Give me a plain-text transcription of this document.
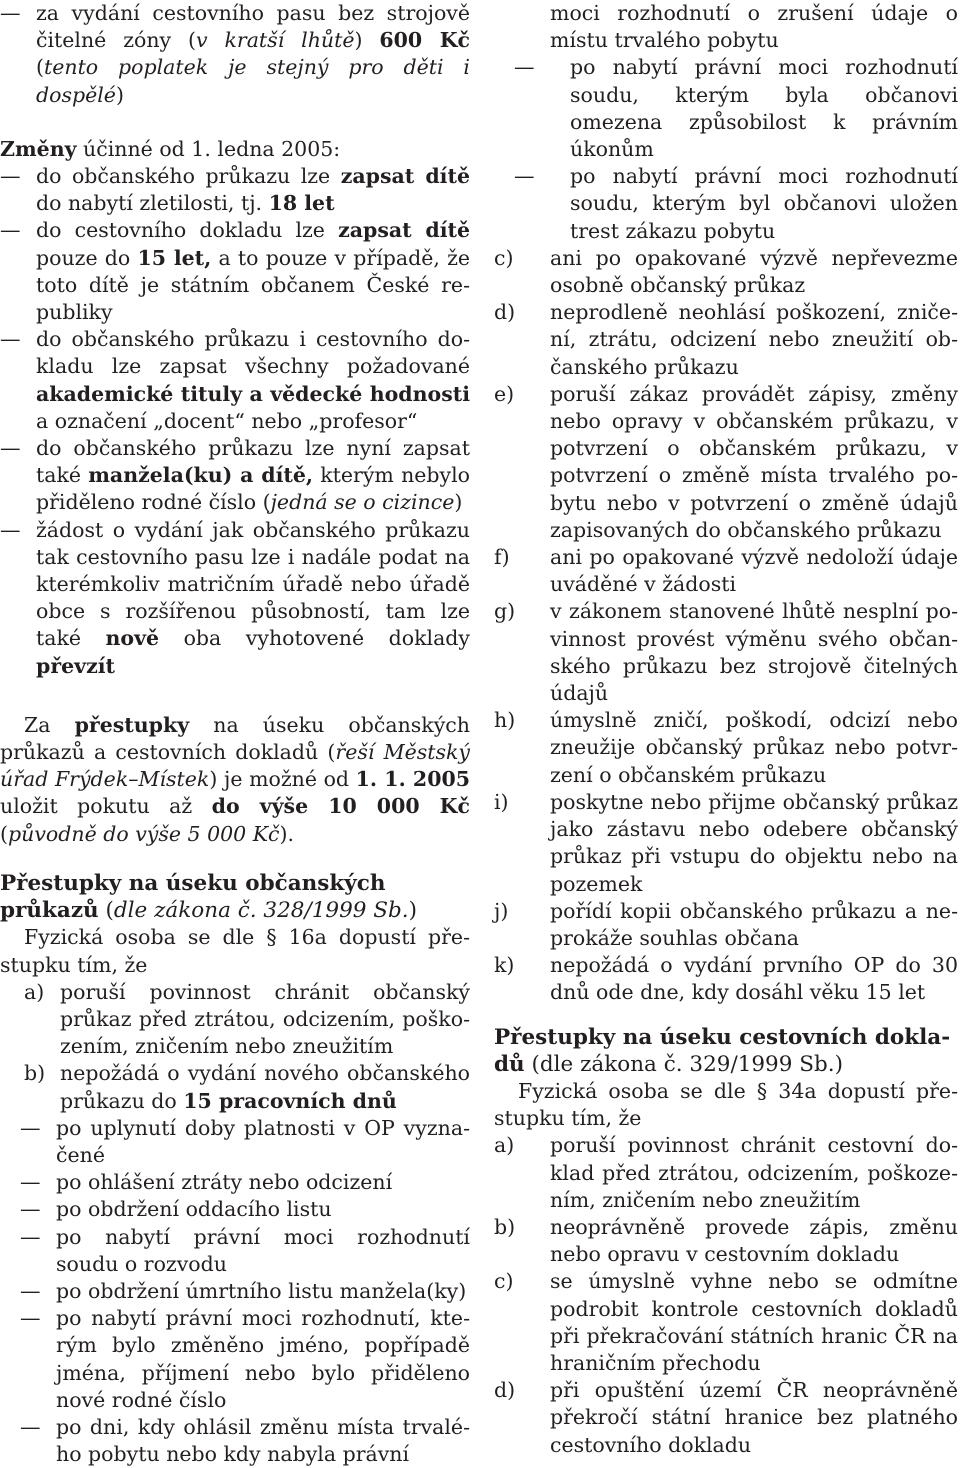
— za vydání cestovního pasu bez strojově čitelné zóny (v kratší lhůtě) 600 Kč (tento poplatek je stejný pro děti i dospělé)
Změny účinné od 1. ledna 2005:
— do občanského průkazu lze zapsat dítě do nabytí zletilosti, tj. 18 let
— do cestovního dokladu lze zapsat dítě pouze do 15 let, a to pouze v případě, že toto dítě je státním občanem České republiky
— do občanského průkazu i cestovního dokladu lze zapsat všechny požadované akademické tituly a vědecké hodnosti a označení „docent“ nebo „profesor“
— do občanského průkazu lze nyní zapsat také manžela(ku) a dítě, kterým nebylo přiděleno rodné číslo (jedná se o cizince)
— žádost o vydání jak občanského průkazu tak cestovního pasu lze i nadále podat na kterémkoliv matričním úřadě nebo úřadě obce s rozšířenou působností, tam lze také nově oba vyhotovené doklady převzít
Za přestupky na úseku občanských průkazů a cestovních dokladů (řeší Městský úřad Frýdek–Místek) je možné od 1. 1. 2005 uložit pokutu až do výše 10 000 Kč (původně do výše 5 000 Kč).
Přestupky na úseku občanských průkazů (dle zákona č. 328/1999 Sb.)
Fyzická osoba se dle § 16a dopustí přestupku tím, že
a) poruší povinnost chránit občanský průkaz před ztrátou, odcizením, poškozením, zničením nebo zneužitím
b) nepožádá o vydání nového občanského průkazu do 15 pracovních dnů
— po uplynutí doby platnosti v OP vyznačené
— po ohlášení ztráty nebo odcizení
— po obdržení oddacího listu
— po nabytí právní moci rozhodnutí soudu o rozvodu
— po obdržení úmrtního listu manžela(ky)
— po nabytí právní moci rozhodnutí, kterým bylo změněno jméno, popřípadě jména, příjmení nebo bylo přiděleno nové rodné číslo
— po dni, kdy ohlásil změnu místa trvalého pobytu nebo kdy nabyla právní
moci rozhodnutí o zrušení údaje o místu trvalého pobytu
—	po nabytí právní moci rozhodnutí soudu, kterým byla občanovi omezena způsobilost k právním úkonům
—	po nabytí právní moci rozhodnutí soudu, kterým byl občanovi uložen trest zákazu pobytu
c)	ani po opakované výzvě nepřevezme osobně občanský průkaz
d)	neprodleně neohlásí poškození, zničení, ztrátu, odcizení nebo zneužití občanského průkazu
e)	poruší zákaz provádět zápisy, změny nebo opravy v občanském průkazu, v potvrzení o občanském průkazu, v potvrzení o změně místa trvalého pobytu nebo v potvrzení o změně údajů zapisovaných do občanského průkazu
f)	ani po opakované výzvě nedoloží údaje uváděné v žádosti
g)	v zákonem stanovené lhůtě nesplní povinnost provést výměnu svého občanského průkazu bez strojově čitelných údajů
h)	úmyslně zničí, poškodí, odcizí nebo zneužije občanský průkaz nebo potvrzení o občanském průkazu
i)	poskytne nebo přijme občanský průkaz jako zástavu nebo odebere občanský průkaz při vstupu do objektu nebo na pozemek
j)	pořídí kopii občanského průkazu a neprokáže souhlas občana
k)	nepožádá o vydání prvního OP do 30 dnů ode dne, kdy dosáhl věku 15 let
Přestupky na úseku cestovních dokladů (dle zákona č. 329/1999 Sb.)
Fyzická osoba se dle § 34a dopustí přestupku tím, že
a)	poruší povinnost chránit cestovní doklad před ztrátou, odcizením, poškozením, zničením nebo zneužitím
b)	neoprávněně provede zápis, změnu nebo opravu v cestovním dokladu
c)	se úmyslně vyhne nebo se odmítne podrobit kontrole cestovních dokladů při překračování státních hranic ČR na hraničním přechodu
d)	při opuštění území ČR neoprávněně překročí státní hranice bez platného cestovního dokladu
